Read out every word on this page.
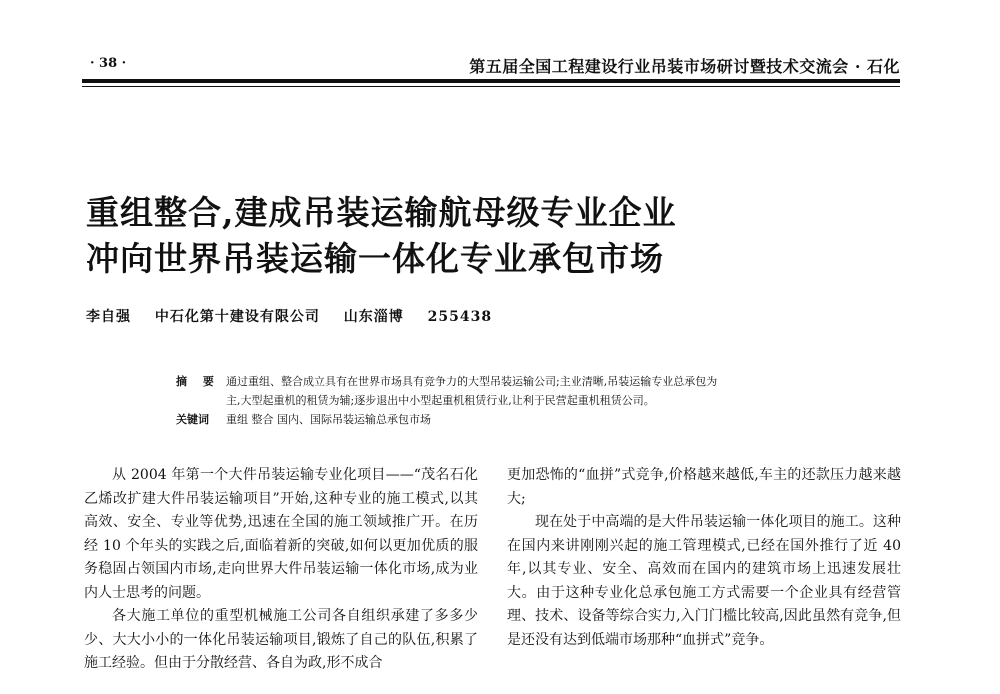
· 38 ·	第五届全国工程建设行业吊装市场研讨暨技术交流会 · 石化
重组整合,建成吊装运输航母级专业企业
冲向世界吊装运输一体化专业承包市场
李自强 中石化第十建设有限公司 山东淄博 255438
摘 要 通过重组、整合成立具有在世界市场具有竞争力的大型吊装运输公司;主业清晰,吊装运输专业总承包为
主,大型起重机的租赁为辅;逐步退出中小型起重机租赁行业,让利于民营起重机租赁公司。
关键词 重组 整合 国内、国际吊装运输总承包市场

从 2004 年第一个大件吊装运输专业化项目——“茂名石化乙烯改扩建大件吊装运输项目”开始,这种专业的施工模式,以其高效、安全、专业等优势,迅速在全国的施工领域推广开。在历经 10 个年头的实践之后,面临着新的突破,如何以更加优质的服务稳固占领国内市场,走向世界大件吊装运输一体化市场,成为业内人士思考的问题。

各大施工单位的重型机械施工公司各自组织承建了多多少少、大大小小的一体化吊装运输项目,锻炼了自己的队伍,积累了施工经验。但由于分散经营、各自为政,形不成合

更加恐怖的“血拼”式竞争,价格越来越低,车主的还款压力越来越大;

现在处于中高端的是大件吊装运输一体化项目的施工。这种在国内来讲刚刚兴起的施工管理模式,已经在国外推行了近 40 年,以其专业、安全、高效而在国内的建筑市场上迅速发展壮大。由于这种专业化总承包施工方式需要一个企业具有经营管理、技术、设备等综合实力,入门门槛比较高,因此虽然有竞争,但是还没有达到低端市场那种“血拼式”竞争。
